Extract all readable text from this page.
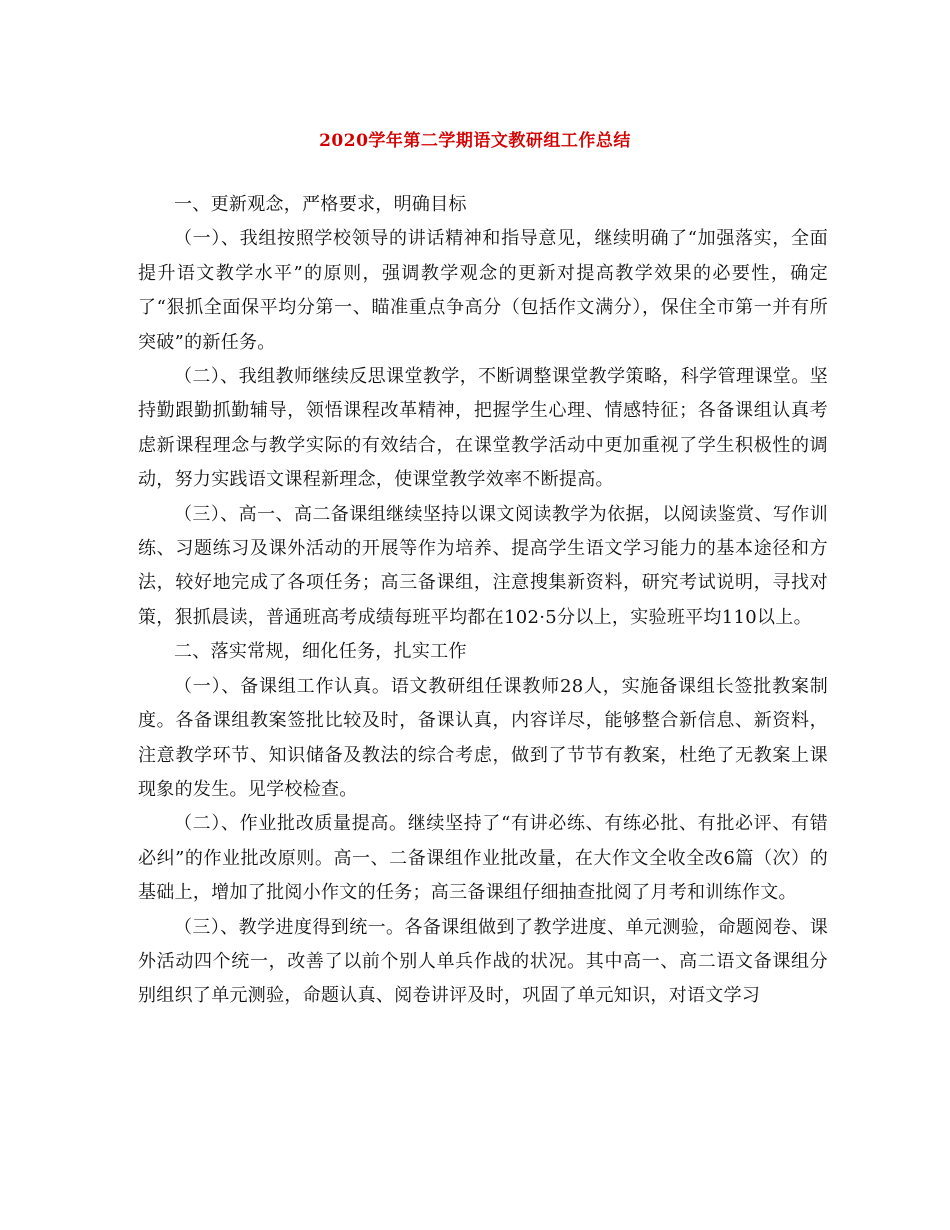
2020学年第二学期语文教研组工作总结

一、更新观念，严格要求，明确目标

（一）、我组按照学校领导的讲话精神和指导意见，继续明确了“加强落实，全面提升语文教学水平”的原则，强调教学观念的更新对提高教学效果的必要性，确定了“狠抓全面保平均分第一、瞄准重点争高分（包括作文满分），保住全市第一并有所突破”的新任务。

（二）、我组教师继续反思课堂教学，不断调整课堂教学策略，科学管理课堂。坚持勤跟勤抓勤辅导，领悟课程改革精神，把握学生心理、情感特征；各备课组认真考虑新课程理念与教学实际的有效结合，在课堂教学活动中更加重视了学生积极性的调动，努力实践语文课程新理念，使课堂教学效率不断提高。

（三）、高一、高二备课组继续坚持以课文阅读教学为依据，以阅读鉴赏、写作训练、习题练习及课外活动的开展等作为培养、提高学生语文学习能力的基本途径和方法，较好地完成了各项任务；高三备课组，注意搜集新资料，研究考试说明，寻找对策，狠抓晨读，普通班高考成绩每班平均都在102·5分以上，实验班平均110以上。

二、落实常规，细化任务，扎实工作

（一）、备课组工作认真。语文教研组任课教师28人，实施备课组长签批教案制度。各备课组教案签批比较及时，备课认真，内容详尽，能够整合新信息、新资料，注意教学环节、知识储备及教法的综合考虑，做到了节节有教案，杜绝了无教案上课现象的发生。见学校检查。

（二）、作业批改质量提高。继续坚持了“有讲必练、有练必批、有批必评、有错必纠”的作业批改原则。高一、二备课组作业批改量，在大作文全收全改6篇（次）的基础上，增加了批阅小作文的任务；高三备课组仔细抽查批阅了月考和训练作文。

（三）、教学进度得到统一。各备课组做到了教学进度、单元测验，命题阅卷、课外活动四个统一，改善了以前个别人单兵作战的状况。其中高一、高二语文备课组分别组织了单元测验，命题认真、阅卷讲评及时，巩固了单元知识，对语文学习
